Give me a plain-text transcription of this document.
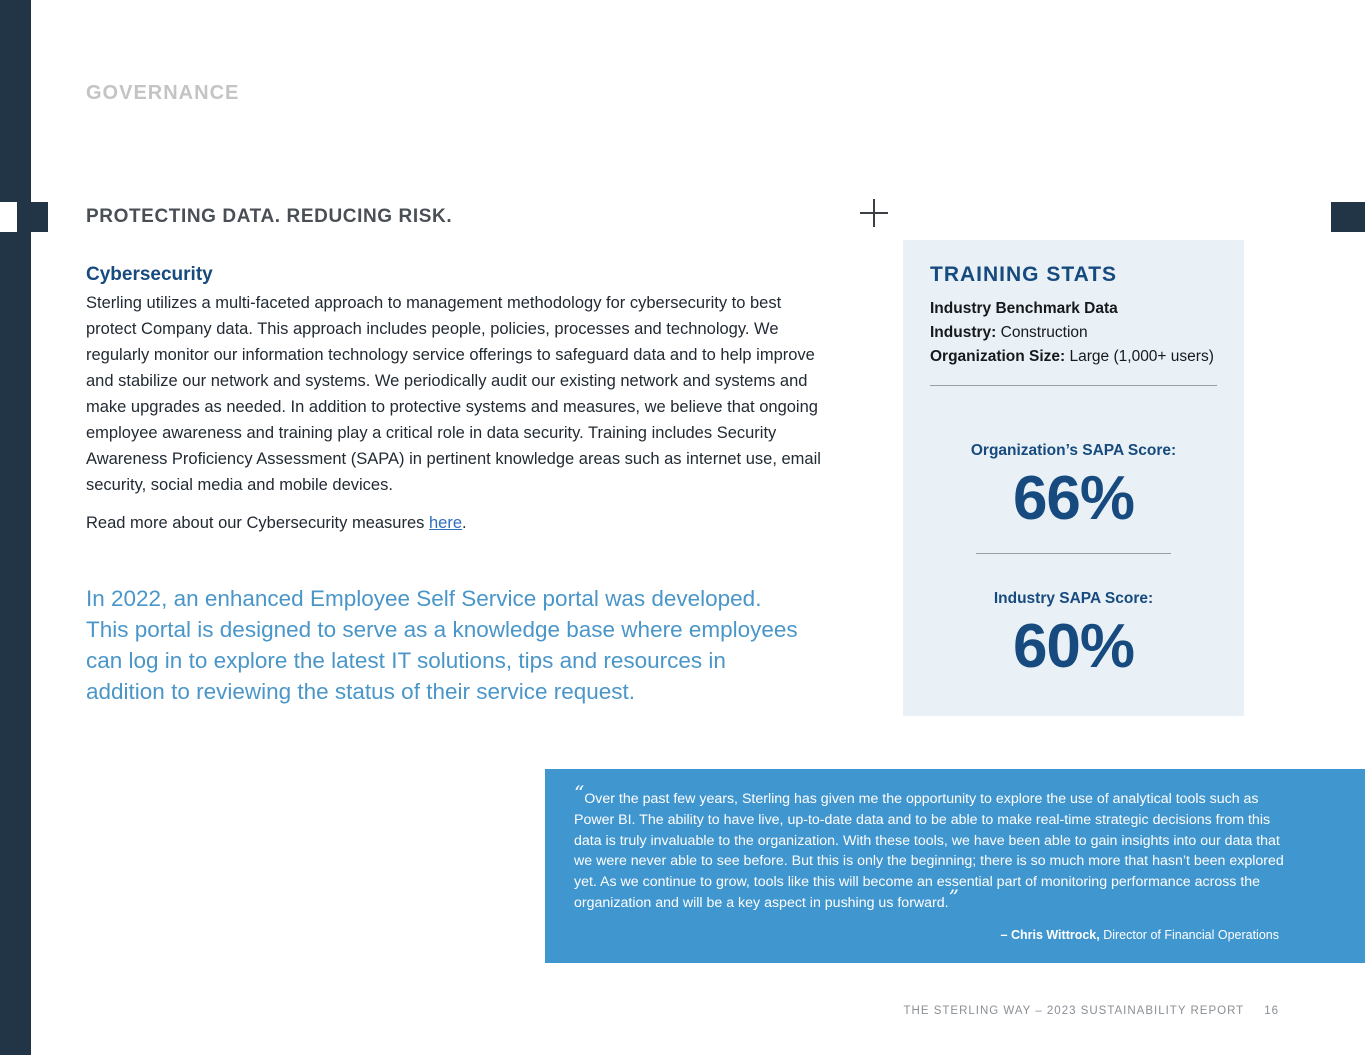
GOVERNANCE

PROTECTING DATA. REDUCING RISK.
Cybersecurity

Sterling utilizes a multi-faceted approach to management methodology for cybersecurity to best protect Company data. This approach includes people, policies, processes and technology. We regularly monitor our information technology service offerings to safeguard data and to help improve and stabilize our network and systems. We periodically audit our existing network and systems and make upgrades as needed. In addition to protective systems and measures, we believe that ongoing employee awareness and training play a critical role in data security. Training includes Security Awareness Proficiency Assessment (SAPA) in pertinent knowledge areas such as internet use, email security, social media and mobile devices.

Read more about our Cybersecurity measures here.

In 2022, an enhanced Employee Self Service portal was developed. This portal is designed to serve as a knowledge base where employees can log in to explore the latest IT solutions, tips and resources in addition to reviewing the status of their service request.

TRAINING STATS

Industry Benchmark Data

Industry: Construction

Organization Size: Large (1,000+ users)

Organization’s SAPA Score:

66%

Industry SAPA Score:

60%

“Over the past few years, Sterling has given me the opportunity to explore the use of analytical tools such as Power BI. The ability to have live, up-to-date data and to be able to make real-time strategic decisions from this data is truly invaluable to the organization. With these tools, we have been able to gain insights into our data that we were never able to see before. But this is only the beginning; there is so much more that hasn’t been explored yet. As we continue to grow, tools like this will become an essential part of monitoring performance across the organization and will be a key aspect in pushing us forward.”

– Chris Wittrock, Director of Financial Operations

THE STERLING WAY – 2023 SUSTAINABILITY REPORT 16
